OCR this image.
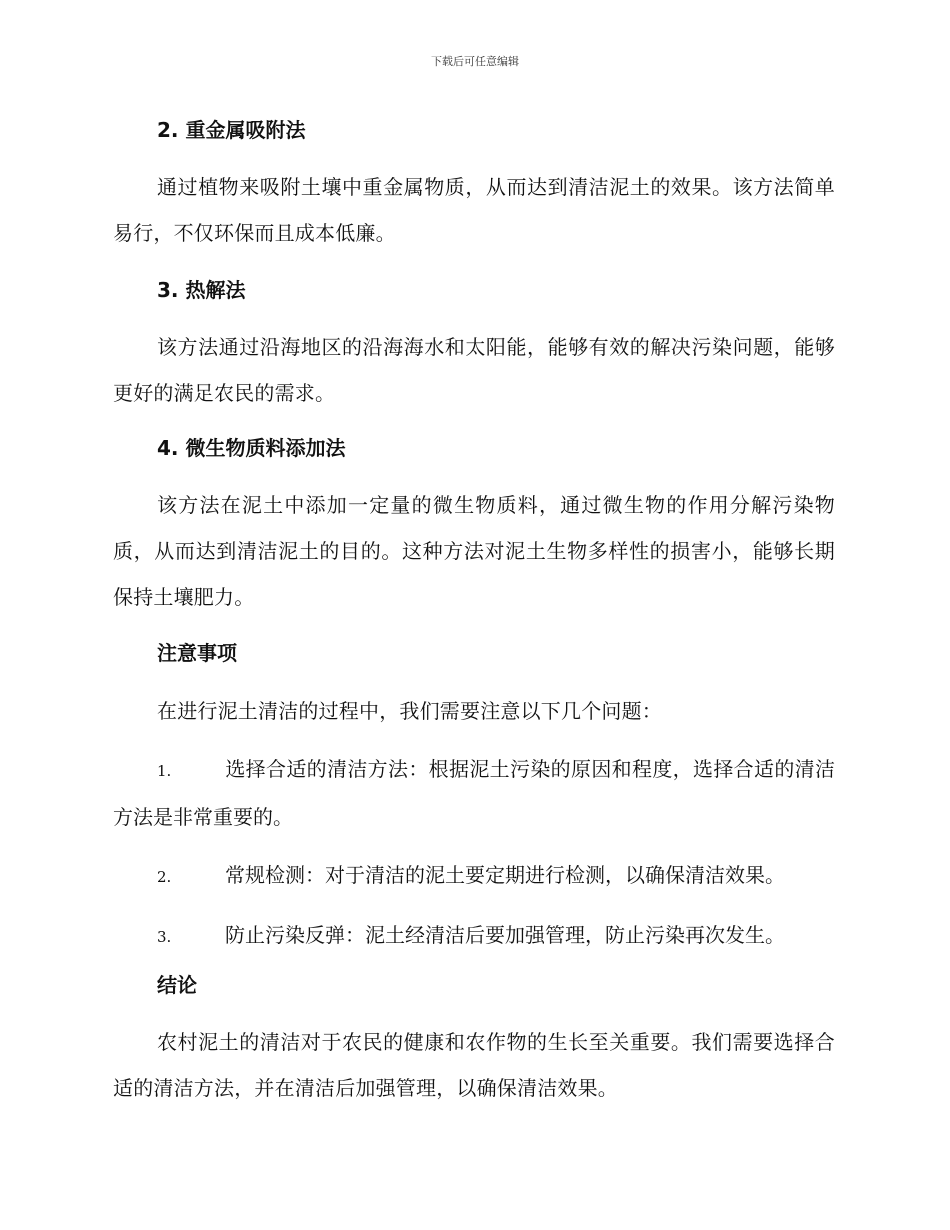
下载后可任意编辑
2. 重金属吸附法

通过植物来吸附土壤中重金属物质，从而达到清洁泥土的效果。该方法简单易行，不仅环保而且成本低廉。

3. 热解法

该方法通过沿海地区的沿海海水和太阳能，能够有效的解决污染问题，能够更好的满足农民的需求。

4. 微生物质料添加法

该方法在泥土中添加一定量的微生物质料，通过微生物的作用分解污染物质，从而达到清洁泥土的目的。这种方法对泥土生物多样性的损害小，能够长期保持土壤肥力。

注意事项

在进行泥土清洁的过程中，我们需要注意以下几个问题：

1.	选择合适的清洁方法：根据泥土污染的原因和程度，选择合适的清洁方法是非常重要的。

2.	常规检测：对于清洁的泥土要定期进行检测，以确保清洁效果。

3.	防止污染反弹：泥土经清洁后要加强管理，防止污染再次发生。

结论

农村泥土的清洁对于农民的健康和农作物的生长至关重要。我们需要选择合适的清洁方法，并在清洁后加强管理，以确保清洁效果。
